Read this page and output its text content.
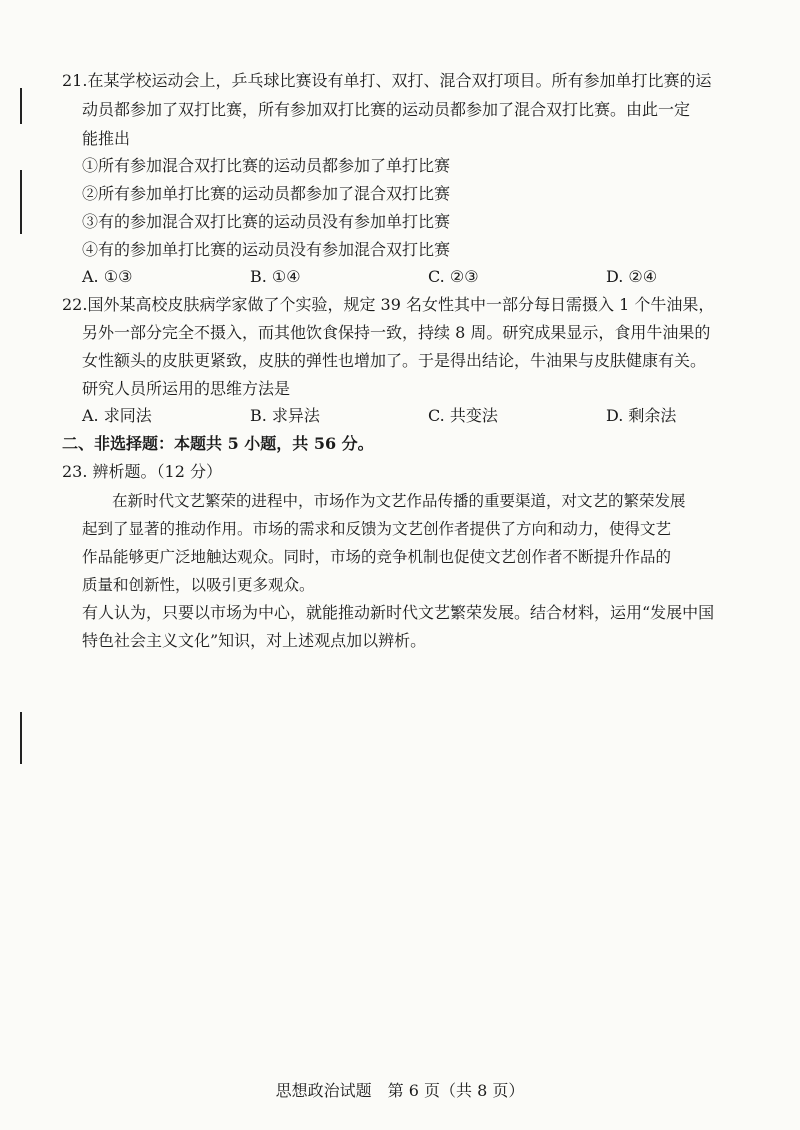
21.在某学校运动会上，乒乓球比赛设有单打、双打、混合双打项目。所有参加单打比赛的运
动员都参加了双打比赛，所有参加双打比赛的运动员都参加了混合双打比赛。由此一定
能推出
①所有参加混合双打比赛的运动员都参加了单打比赛
②所有参加单打比赛的运动员都参加了混合双打比赛
③有的参加混合双打比赛的运动员没有参加单打比赛
④有的参加单打比赛的运动员没有参加混合双打比赛
A. ①③	B. ①④	C. ②③	D. ②④
22.国外某高校皮肤病学家做了个实验，规定 39 名女性其中一部分每日需摄入 1 个牛油果，
另外一部分完全不摄入，而其他饮食保持一致，持续 8 周。研究成果显示，食用牛油果的
女性额头的皮肤更紧致，皮肤的弹性也增加了。于是得出结论，牛油果与皮肤健康有关。
研究人员所运用的思维方法是
A. 求同法	B. 求异法	C. 共变法	D. 剩余法
二、非选择题：本题共 5 小题，共 56 分。
23. 辨析题。（12 分）
在新时代文艺繁荣的进程中，市场作为文艺作品传播的重要渠道，对文艺的繁荣发展
起到了显著的推动作用。市场的需求和反馈为文艺创作者提供了方向和动力，使得文艺
作品能够更广泛地触达观众。同时，市场的竞争机制也促使文艺创作者不断提升作品的
质量和创新性，以吸引更多观众。
有人认为，只要以市场为中心，就能推动新时代文艺繁荣发展。结合材料，运用“发展中国
特色社会主义文化”知识，对上述观点加以辨析。
思想政治试题　第 6 页（共 8 页）
